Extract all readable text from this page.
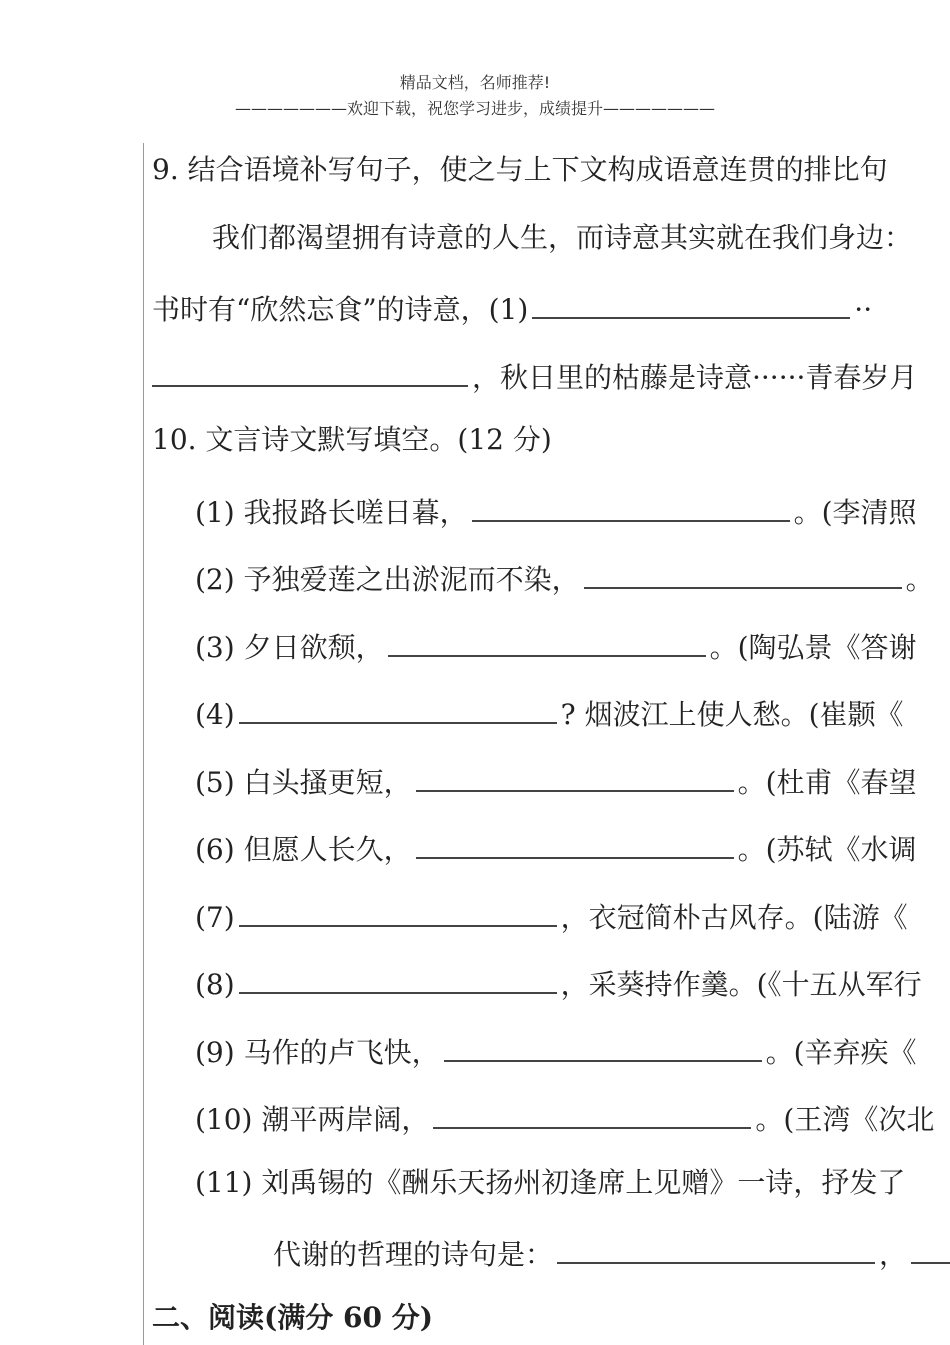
精品文档，名师推荐!
———————欢迎下载，祝您学习进步，成绩提升———————
9. 结合语境补写句子，使之与上下文构成语意连贯的排比句
我们都渴望拥有诗意的人生，而诗意其实就在我们身边：
书时有“欣然忘食”的诗意，(1)	··
，秋日里的枯藤是诗意······青春岁月
10. 文言诗文默写填空。(12 分)
(1) 我报路长嗟日暮，	。(李清照
(2) 予独爱莲之出淤泥而不染，	。
(3) 夕日欲颓，	。(陶弘景《答谢
(4)	? 烟波江上使人愁。(崔颢《
(5) 白头搔更短，	。(杜甫《春望
(6) 但愿人长久，	。(苏轼《水调
(7)	，衣冠简朴古风存。(陆游《
(8)	，采葵持作羹。(《十五从军行
(9) 马作的卢飞快，	。(辛弃疾《
(10) 潮平两岸阔，	。(王湾《次北
(11) 刘禹锡的《酬乐天扬州初逢席上见赠》一诗，抒发了
代谢的哲理的诗句是：	，
二、阅读(满分 60 分)
